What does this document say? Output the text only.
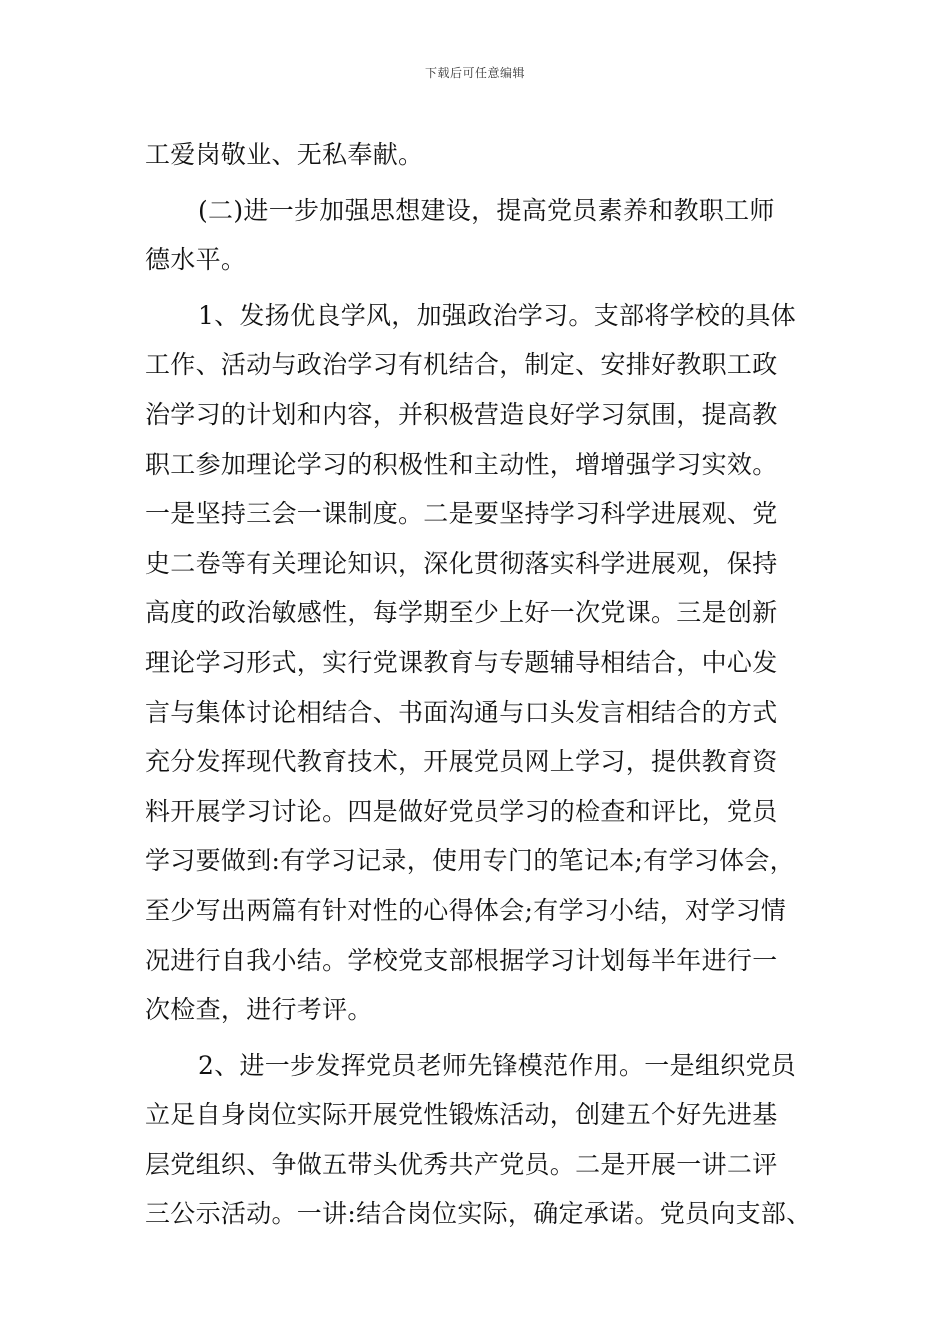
下载后可任意编辑
工爱岗敬业、无私奉献。
(二)进一步加强思想建设，提高党员素养和教职工师
德水平。
1、发扬优良学风，加强政治学习。支部将学校的具体
工作、活动与政治学习有机结合，制定、安排好教职工政
治学习的计划和内容，并积极营造良好学习氛围，提高教
职工参加理论学习的积极性和主动性，增增强学习实效。
一是坚持三会一课制度。二是要坚持学习科学进展观、党
史二卷等有关理论知识，深化贯彻落实科学进展观，保持
高度的政治敏感性，每学期至少上好一次党课。三是创新
理论学习形式，实行党课教育与专题辅导相结合，中心发
言与集体讨论相结合、书面沟通与口头发言相结合的方式
充分发挥现代教育技术，开展党员网上学习，提供教育资
料开展学习讨论。四是做好党员学习的检查和评比，党员
学习要做到:有学习记录，使用专门的笔记本;有学习体会，
至少写出两篇有针对性的心得体会;有学习小结，对学习情
况进行自我小结。学校党支部根据学习计划每半年进行一
次检查，进行考评。
2、进一步发挥党员老师先锋模范作用。一是组织党员
立足自身岗位实际开展党性锻炼活动，创建五个好先进基
层党组织、争做五带头优秀共产党员。二是开展一讲二评
三公示活动。一讲:结合岗位实际，确定承诺。党员向支部、
